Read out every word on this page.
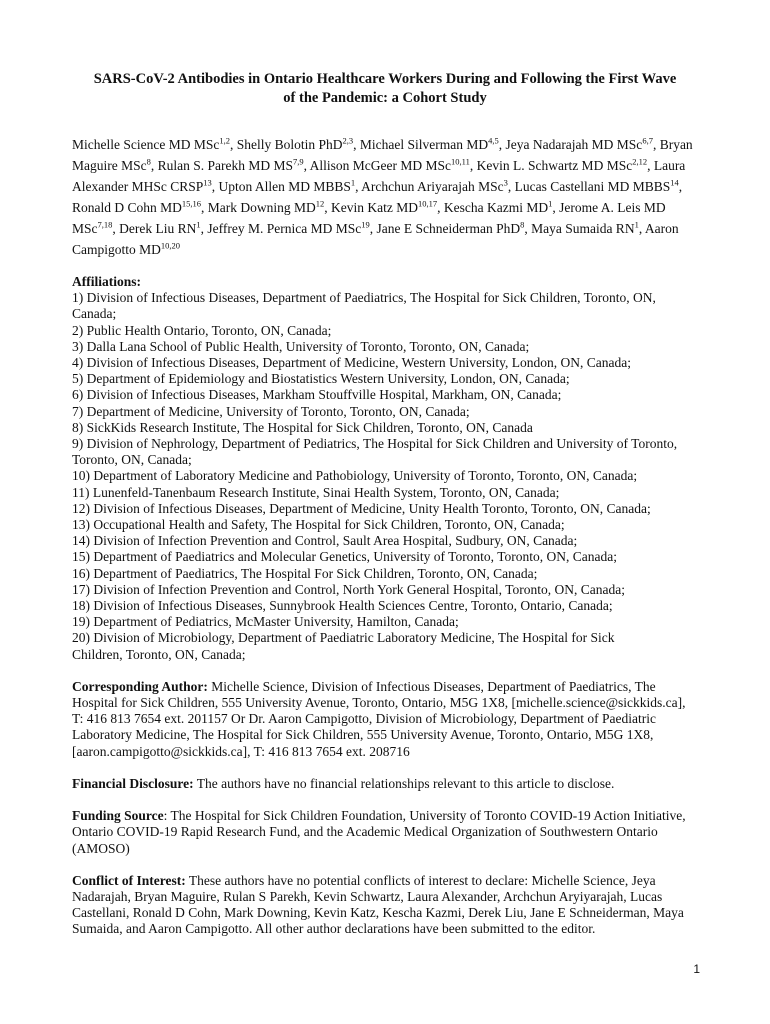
SARS-CoV-2 Antibodies in Ontario Healthcare Workers During and Following the First Wave
of the Pandemic: a Cohort Study
Michelle Science MD MSc$^{1,2}$, Shelly Bolotin PhD$^{2,3}$, Michael Silverman MD$^{4,5}$, Jeya Nadarajah MD MSc$^{6,7}$, Bryan Maguire MSc$^8$, Rulan S. Parekh MD MS$^{7,9}$, Allison McGeer MD MSc$^{10,11}$, Kevin L. Schwartz MD MSc$^{2,12}$, Laura Alexander MHSc CRSP$^{13}$, Upton Allen MD MBBS$^1$, Archchun Ariyarajah MSc$^3$, Lucas Castellani MD MBBS$^{14}$, Ronald D Cohn MD$^{15,16}$, Mark Downing MD$^{12}$, Kevin Katz MD$^{10,17}$, Kescha Kazmi $MD^1$, Jerome A. Leis MD MSc$^{7,18}$, Derek Liu $RN^1$, Jeffrey M. Pernica MD MSc$^{19}$, Jane E Schneiderman PhD$^8$, Maya Sumaida $RN^1$, Aaron Campigotto MD$^{10,20}$
Affiliations:
1) Division of Infectious Diseases, Department of Paediatrics, The Hospital for Sick Children, Toronto, ON,
Canada;
2) Public Health Ontario, Toronto, ON, Canada;
3) Dalla Lana School of Public Health, University of Toronto, Toronto, ON, Canada;
4) Division of Infectious Diseases, Department of Medicine, Western University, London, ON, Canada;
5) Department of Epidemiology and Biostatistics Western University, London, ON, Canada;
6) Division of Infectious Diseases, Markham Stouffville Hospital, Markham, ON, Canada;
7) Department of Medicine, University of Toronto, Toronto, ON, Canada;
8) SickKids Research Institute, The Hospital for Sick Children, Toronto, ON, Canada
9) Division of Nephrology, Department of Pediatrics, The Hospital for Sick Children and University of Toronto,
Toronto, ON, Canada;
10) Department of Laboratory Medicine and Pathobiology, University of Toronto, Toronto, ON, Canada;
11) Lunenfeld-Tanenbaum Research Institute, Sinai Health System, Toronto, ON, Canada;
12) Division of Infectious Diseases, Department of Medicine, Unity Health Toronto, Toronto, ON, Canada;
13) Occupational Health and Safety, The Hospital for Sick Children, Toronto, ON, Canada;
14) Division of Infection Prevention and Control, Sault Area Hospital, Sudbury, ON, Canada;
15) Department of Paediatrics and Molecular Genetics, University of Toronto, Toronto, ON, Canada;
16) Department of Paediatrics, The Hospital For Sick Children, Toronto, ON, Canada;
17) Division of Infection Prevention and Control, North York General Hospital, Toronto, ON, Canada;
18) Division of Infectious Diseases, Sunnybrook Health Sciences Centre, Toronto, Ontario, Canada;
19) Department of Pediatrics, McMaster University, Hamilton, Canada;
20) Division of Microbiology, Department of Paediatric Laboratory Medicine, The Hospital for Sick
Children, Toronto, ON, Canada;
Corresponding Author: Michelle Science, Division of Infectious Diseases, Department of Paediatrics, The Hospital for Sick Children, 555 University Avenue, Toronto, Ontario, M5G 1X8, [michelle.science@sickkids.ca], T: 416 813 7654 ext. 201157 Or Dr. Aaron Campigotto, Division of Microbiology, Department of Paediatric Laboratory Medicine, The Hospital for Sick Children, 555 University Avenue, Toronto, Ontario, M5G 1X8, [aaron.campigotto@sickkids.ca], T: 416 813 7654 ext. 208716
Financial Disclosure: The authors have no financial relationships relevant to this article to disclose.
Funding Source: The Hospital for Sick Children Foundation, University of Toronto COVID-19 Action Initiative, Ontario COVID-19 Rapid Research Fund, and the Academic Medical Organization of Southwestern Ontario (AMOSO)
Conflict of Interest: These authors have no potential conflicts of interest to declare: Michelle Science, Jeya Nadarajah, Bryan Maguire, Rulan S Parekh, Kevin Schwartz, Laura Alexander, Archchun Aryiyarajah, Lucas Castellani, Ronald D Cohn, Mark Downing, Kevin Katz, Kescha Kazmi, Derek Liu, Jane E Schneiderman, Maya Sumaida, and Aaron Campigotto. All other author declarations have been submitted to the editor.
1
